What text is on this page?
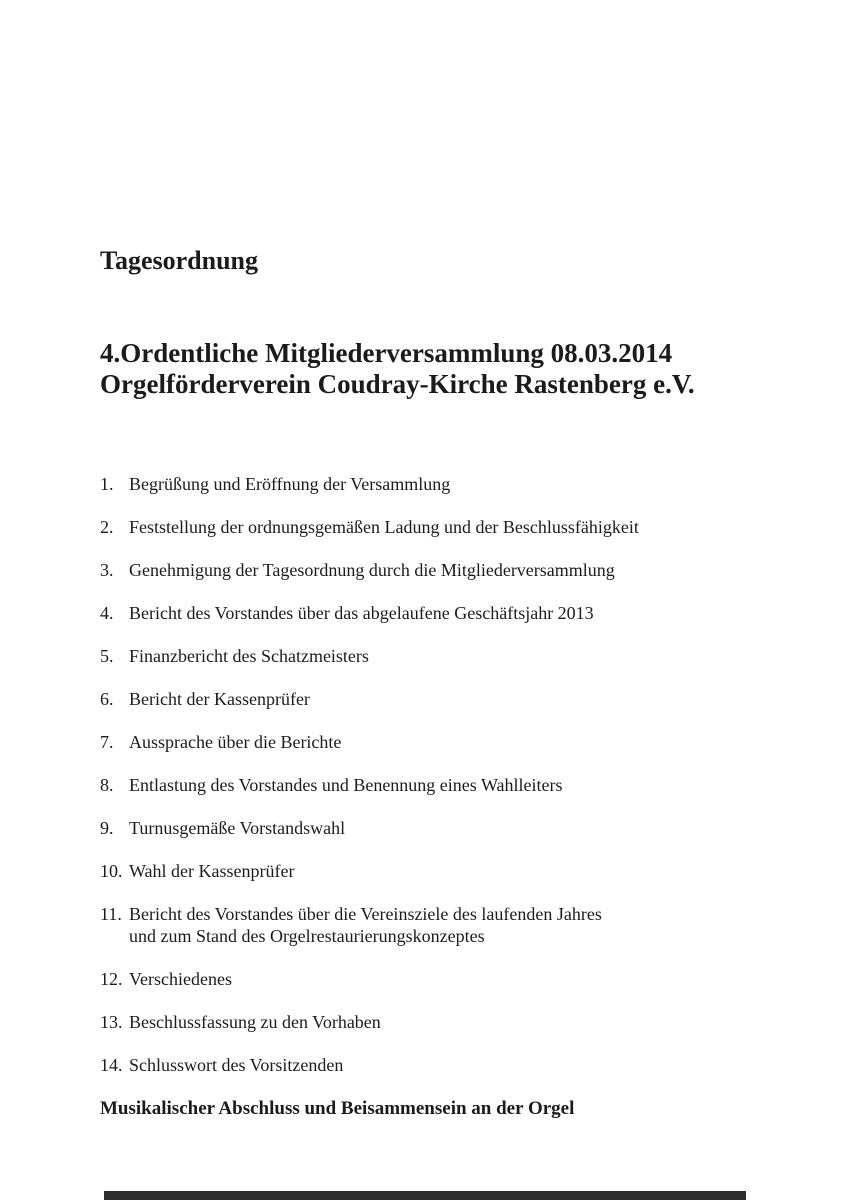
Tagesordnung
4.Ordentliche Mitgliederversammlung 08.03.2014
Orgelförderverein Coudray-Kirche Rastenberg e.V.
1. Begrüßung und Eröffnung der Versammlung
2. Feststellung der ordnungsgemäßen Ladung und der Beschlussfähigkeit
3. Genehmigung der Tagesordnung durch die Mitgliederversammlung
4. Bericht des Vorstandes über das abgelaufene Geschäftsjahr 2013
5. Finanzbericht des Schatzmeisters
6. Bericht der Kassenprüfer
7. Aussprache über die Berichte
8. Entlastung des Vorstandes und Benennung eines Wahlleiters
9. Turnusgemäße Vorstandswahl
10. Wahl der Kassenprüfer
11. Bericht des Vorstandes über die Vereinsziele des laufenden Jahres
und zum Stand des Orgelrestaurierungskonzeptes
12. Verschiedenes
13. Beschlussfassung zu den Vorhaben
14. Schlusswort des Vorsitzenden

Musikalischer Abschluss und Beisammensein an der Orgel
